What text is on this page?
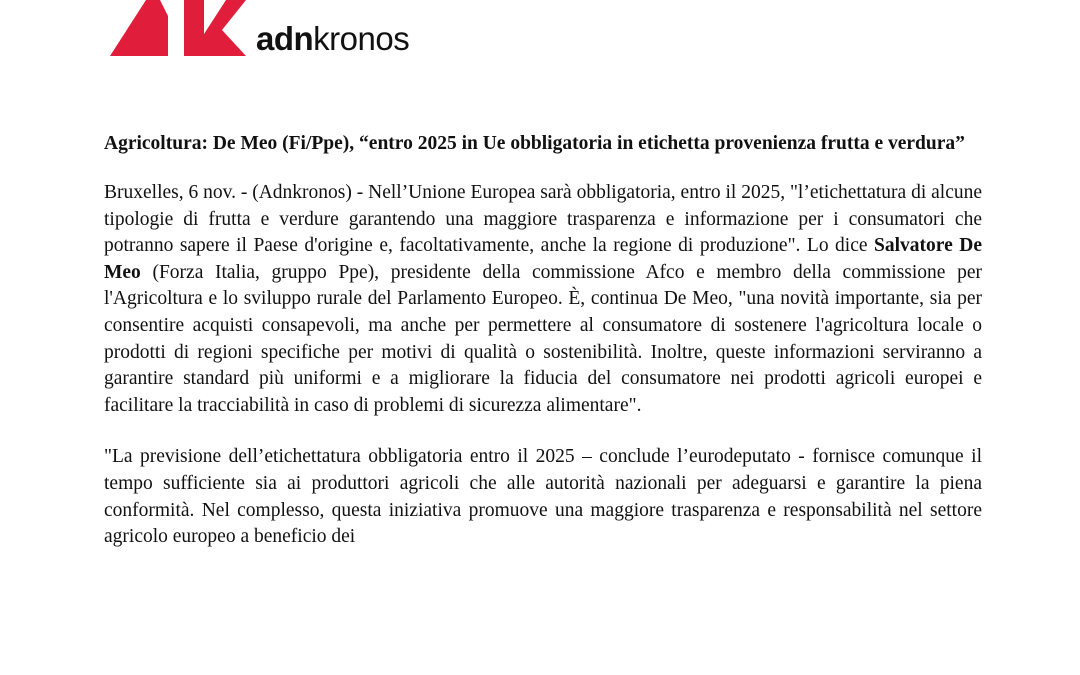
adnkronos

Agricoltura: De Meo (Fi/Ppe), “entro 2025 in Ue obbligatoria in etichetta provenienza frutta e verdura”

Bruxelles, 6 nov. - (Adnkronos) - Nell’Unione Europea sarà obbligatoria, entro il 2025, "l’etichettatura di alcune tipologie di frutta e verdure garantendo una maggiore trasparenza e informazione per i consumatori che potranno sapere il Paese d'origine e, facoltativamente, anche la regione di produzione". Lo dice Salvatore De Meo (Forza Italia, gruppo Ppe), presidente della commissione Afco e membro della commissione per l'Agricoltura e lo sviluppo rurale del Parlamento Europeo. È, continua De Meo, "una novità importante, sia per consentire acquisti consapevoli, ma anche per permettere al consumatore di sostenere l'agricoltura locale o prodotti di regioni specifiche per motivi di qualità o sostenibilità. Inoltre, queste informazioni serviranno a garantire standard più uniformi e a migliorare la fiducia del consumatore nei prodotti agricoli europei e facilitare la tracciabilità in caso di problemi di sicurezza alimentare".

"La previsione dell’etichettatura obbligatoria entro il 2025 – conclude l’eurodeputato - fornisce comunque il tempo sufficiente sia ai produttori agricoli che alle autorità nazionali per adeguarsi e garantire la piena conformità. Nel complesso, questa iniziativa promuove una maggiore trasparenza e responsabilità nel settore agricolo europeo a beneficio dei
